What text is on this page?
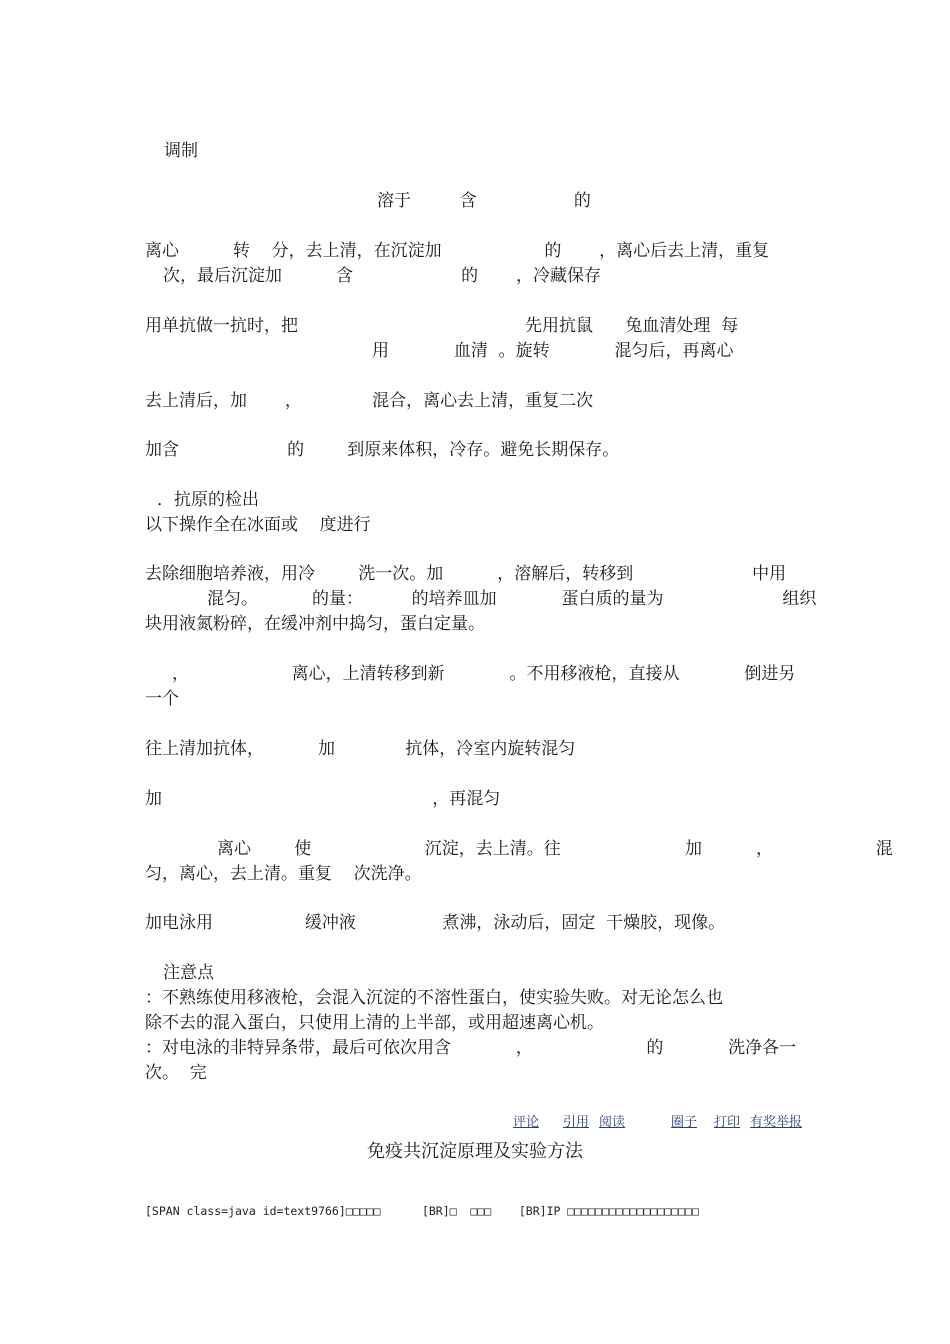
调制
溶于         含                  的
离心          转    分，去上清，在沉淀加                   的       ，离心后去上清，重复
次，最后沉淀加          含                    的       ，冷藏保存
用单抗做一抗时，把                                          先用抗鼠      兔血清处理  每
用            血清  。旋转            混匀后，再离心
去上清后，加       ，             混合，离心去上清，重复二次
加含                    的        到原来体积，冷存。避免长期保存。
．抗原的检出
以下操作全在冰面或    度进行
去除细胞培养液，用冷        洗一次。加          ，溶解后，转移到                      中用
混匀。          的量：         的培养皿加            蛋白质的量为                      组织
块用液氮粉碎，在缓冲剂中捣匀，蛋白定量。
，                   离心，上清转移到新            。不用移液枪，直接从            倒进另
一个
往上清加抗体，          加             抗体，冷室内旋转混匀
加                                                  ，再混匀
离心        使                     沉淀，去上清。往                       加          ，                   混
匀，离心，去上清。重复    次洗净。
加电泳用                 缓冲液                煮沸，泳动后，固定  干燥胶，现像。
注意点
：不熟练使用移液枪，会混入沉淀的不溶性蛋白，使实验失败。对无论怎么也
除不去的混入蛋白，只使用上清的上半部，或用超速离心机。
：对电泳的非特异条带，最后可依次用含            ，                     的            洗净各一
次。  完
评论 引用 阅读	圈子 打印 有奖举报
免疫共沉淀原理及实验方法
[SPAN class=java id=text9766]□□□□□      [BR]□  □□□    [BR]IP □□□□□□□□□□□□□□□□□□□
